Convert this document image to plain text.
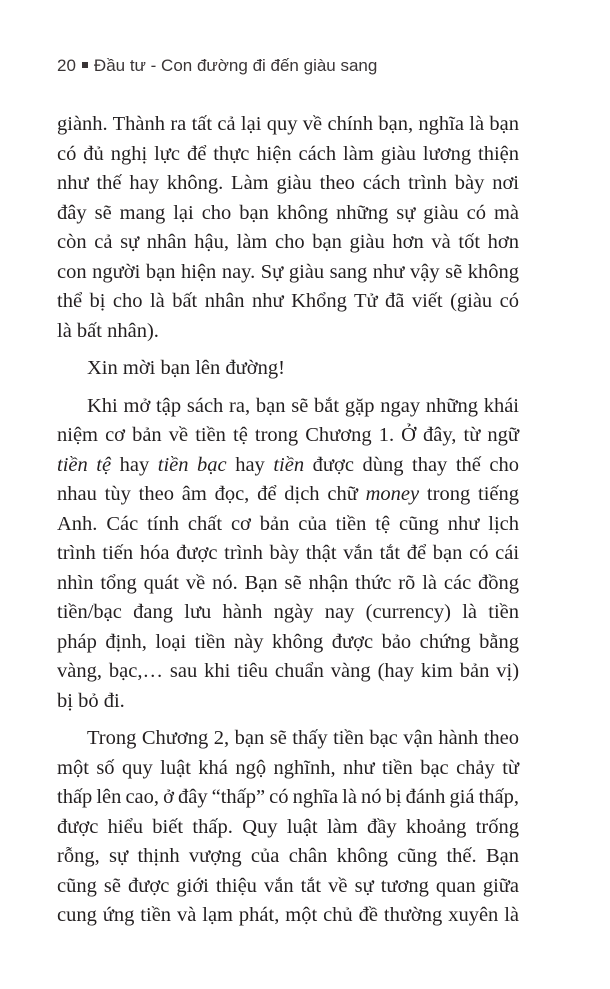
20 Đầu tư - Con đường đi đến giàu sang
giành. Thành ra tất cả lại quy về chính bạn, nghĩa là bạn
có đủ nghị lực để thực hiện cách làm giàu lương thiện
như thế hay không. Làm giàu theo cách trình bày nơi
đây sẽ mang lại cho bạn không những sự giàu có mà
còn cả sự nhân hậu, làm cho bạn giàu hơn và tốt hơn
con người bạn hiện nay. Sự giàu sang như vậy sẽ không
thể bị cho là bất nhân như Khổng Tử đã viết (giàu có
là bất nhân).
Xin mời bạn lên đường!
Khi mở tập sách ra, bạn sẽ bắt gặp ngay những khái
niệm cơ bản về tiền tệ trong Chương 1. Ở đây, từ ngữ
tiền tệ hay tiền bạc hay tiền được dùng thay thế cho
nhau tùy theo âm đọc, để dịch chữ money trong tiếng
Anh. Các tính chất cơ bản của tiền tệ cũng như lịch
trình tiến hóa được trình bày thật vắn tắt để bạn có cái
nhìn tổng quát về nó. Bạn sẽ nhận thức rõ là các đồng
tiền/bạc đang lưu hành ngày nay (currency) là tiền
pháp định, loại tiền này không được bảo chứng bằng
vàng, bạc,… sau khi tiêu chuẩn vàng (hay kim bản vị)
bị bỏ đi.
Trong Chương 2, bạn sẽ thấy tiền bạc vận hành theo
một số quy luật khá ngộ nghĩnh, như tiền bạc chảy từ
thấp lên cao, ở đây “thấp” có nghĩa là nó bị đánh giá thấp,
được hiểu biết thấp. Quy luật làm đầy khoảng trống
rỗng, sự thịnh vượng của chân không cũng thế. Bạn
cũng sẽ được giới thiệu vắn tắt về sự tương quan giữa
cung ứng tiền và lạm phát, một chủ đề thường xuyên là
